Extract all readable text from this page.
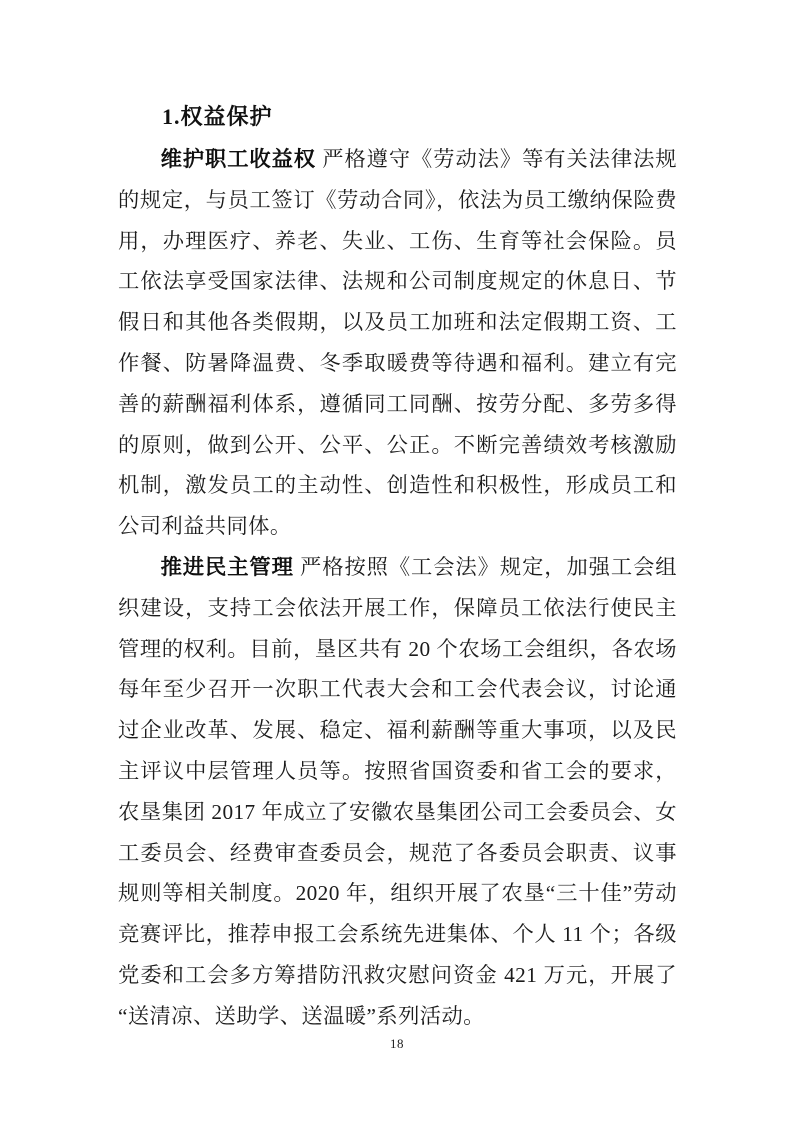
1.权益保护

维护职工收益权 严格遵守《劳动法》等有关法律法规的规定，与员工签订《劳动合同》，依法为员工缴纳保险费用，办理医疗、养老、失业、工伤、生育等社会保险。员工依法享受国家法律、法规和公司制度规定的休息日、节假日和其他各类假期，以及员工加班和法定假期工资、工作餐、防暑降温费、冬季取暖费等待遇和福利。建立有完善的薪酬福利体系，遵循同工同酬、按劳分配、多劳多得的原则，做到公开、公平、公正。不断完善绩效考核激励机制，激发员工的主动性、创造性和积极性，形成员工和公司利益共同体。

推进民主管理 严格按照《工会法》规定，加强工会组织建设，支持工会依法开展工作，保障员工依法行使民主管理的权利。目前，垦区共有 20 个农场工会组织，各农场每年至少召开一次职工代表大会和工会代表会议，讨论通过企业改革、发展、稳定、福利薪酬等重大事项，以及民主评议中层管理人员等。按照省国资委和省工会的要求，农垦集团 2017 年成立了安徽农垦集团公司工会委员会、女工委员会、经费审查委员会，规范了各委员会职责、议事规则等相关制度。2020 年，组织开展了农垦“三十佳”劳动竞赛评比，推荐申报工会系统先进集体、个人 11 个；各级党委和工会多方筹措防汛救灾慰问资金 421 万元，开展了“送清凉、送助学、送温暖”系列活动。

18
